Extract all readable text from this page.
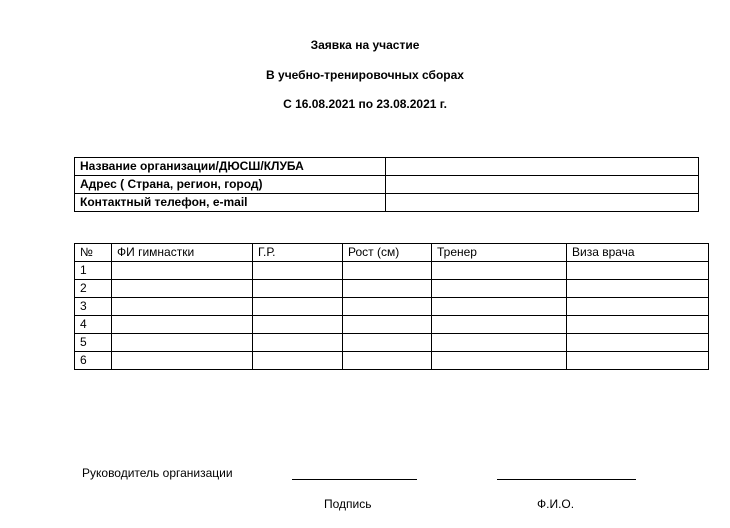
Заявка на участие
В учебно-тренировочных сборах
С 16.08.2021 по 23.08.2021 г.
Название организации/ДЮСШ/КЛУБА	
Адрес ( Страна, регион, город)	
Контактный телефон, e-mail	
№	ФИ гимнастки	Г.Р.	Рост (см)	Тренер	Виза врача
1					
2					
3					
4					
5					
6					
Руководитель организации
Подпись	Ф.И.О.
